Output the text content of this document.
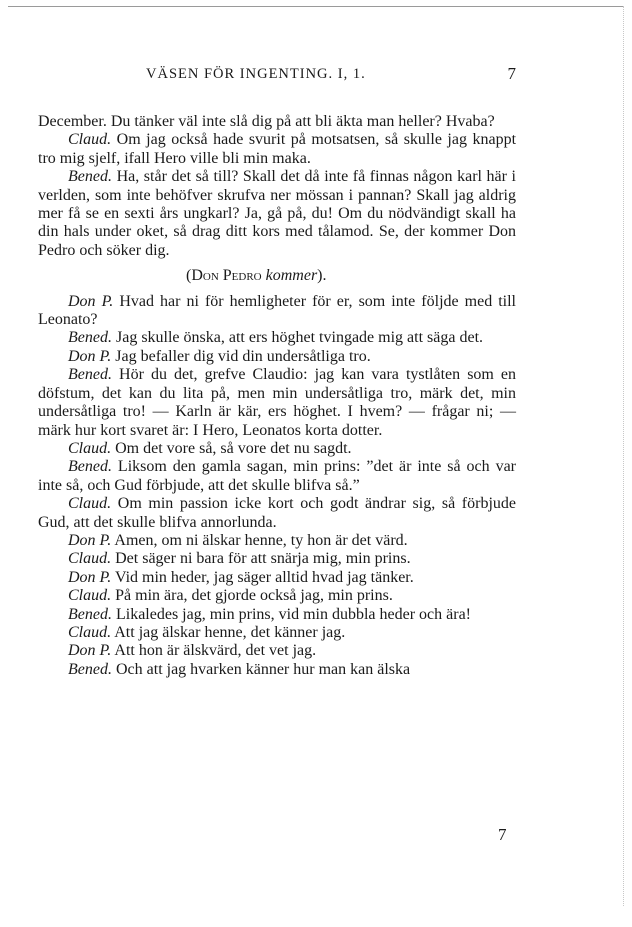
VÄSEN FÖR INGENTING. I, 1.	7

December. Du tänker väl inte slå dig på att bli äkta man heller? Hvaba?

Claud. Om jag också hade svurit på motsatsen, så skulle jag knappt tro mig sjelf, ifall Hero ville bli min maka.

Bened. Ha, står det så till? Skall det då inte få finnas någon karl här i verlden, som inte behöfver skrufva ner mössan i pannan? Skall jag aldrig mer få se en sexti års ungkarl? Ja, gå på, du! Om du nödvändigt skall ha din hals under oket, så drag ditt kors med tålamod. Se, der kommer Don Pedro och söker dig.

(Don Pedro kommer).

Don P. Hvad har ni för hemligheter för er, som inte följde med till Leonato?

Bened. Jag skulle önska, att ers höghet tvingade mig att säga det.

Don P. Jag befaller dig vid din undersåtliga tro.

Bened. Hör du det, grefve Claudio: jag kan vara tystlåten som en döfstum, det kan du lita på, men min undersåtliga tro, märk det, min undersåtliga tro! — Karln är kär, ers höghet. I hvem? — frågar ni; — märk hur kort svaret är: I Hero, Leonatos korta dotter.

Claud. Om det vore så, så vore det nu sagdt.

Bened. Liksom den gamla sagan, min prins: ”det är inte så och var inte så, och Gud förbjude, att det skulle blifva så.”

Claud. Om min passion icke kort och godt ändrar sig, så förbjude Gud, att det skulle blifva annorlunda.

Don P. Amen, om ni älskar henne, ty hon är det värd.

Claud. Det säger ni bara för att snärja mig, min prins.

Don P. Vid min heder, jag säger alltid hvad jag tänker.

Claud. På min ära, det gjorde också jag, min prins.

Bened. Likaledes jag, min prins, vid min dubbla heder och ära!

Claud. Att jag älskar henne, det känner jag.

Don P. Att hon är älskvärd, det vet jag.

Bened. Och att jag hvarken känner hur man kan älska

7
